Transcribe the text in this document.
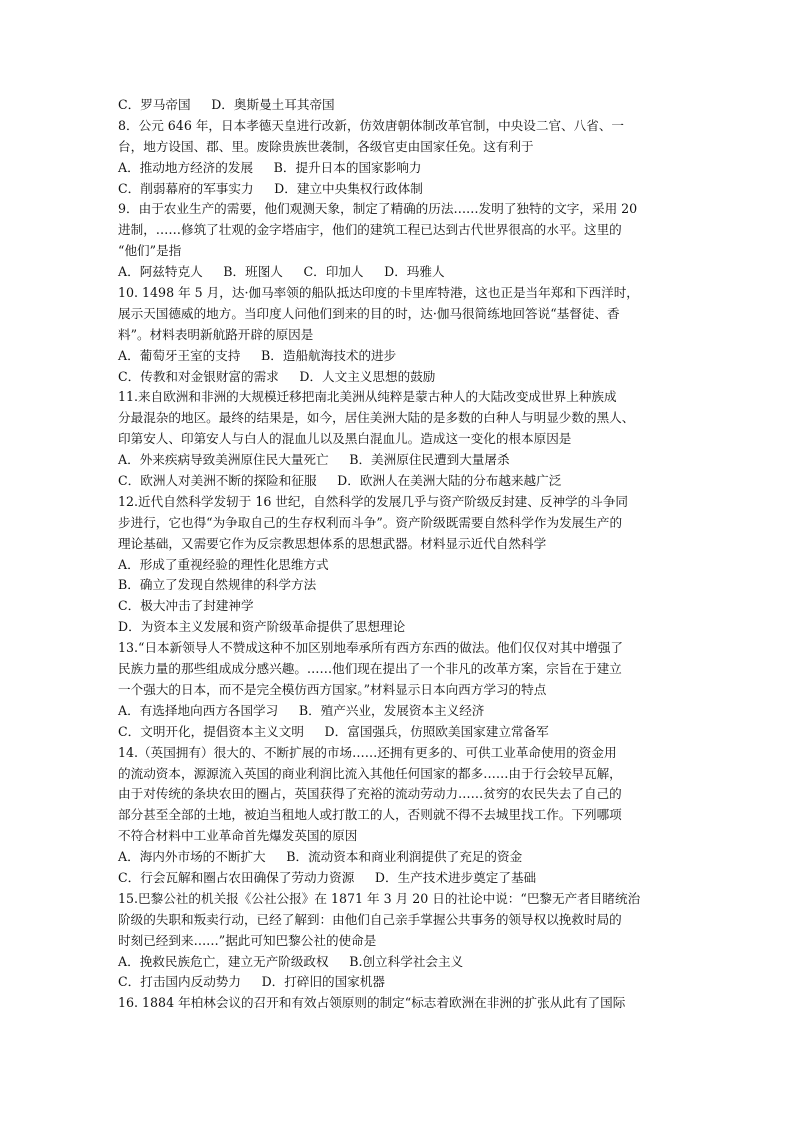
C．罗马帝国 　 D．奥斯曼土耳其帝国
8．公元 646 年，日本孝德天皇进行改新，仿效唐朝体制改革官制，中央设二官、八省、一
台，地方设国、郡、里。废除贵族世袭制，各级官吏由国家任免。这有利于
A．推动地方经济的发展 　 B．提升日本的国家影响力
C．削弱幕府的军事实力 　 D．建立中央集权行政体制
9．由于农业生产的需要，他们观测天象，制定了精确的历法……发明了独特的文字，采用 20
进制，……修筑了壮观的金字塔庙宇，他们的建筑工程已达到古代世界很高的水平。这里的
“他们”是指
A．阿兹特克人 　 B．班图人 　 C．印加人 　 D．玛雅人
10. 1498 年 5 月，达·伽马率领的船队抵达印度的卡里库特港，这也正是当年郑和下西洋时，
展示天国德威的地方。当印度人问他们到来的目的时，达·伽马很简练地回答说“基督徒、香
料”。材料表明新航路开辟的原因是
A．葡萄牙王室的支持 　 B．造船航海技术的进步
C．传教和对金银财富的需求 　 D．人文主义思想的鼓励
11.来自欧洲和非洲的大规模迁移把南北美洲从纯粹是蒙古种人的大陆改变成世界上种族成
分最混杂的地区。最终的结果是，如今，居住美洲大陆的是多数的白种人与明显少数的黑人、
印第安人、印第安人与白人的混血儿以及黑白混血儿。造成这一变化的根本原因是
A．外来疾病导致美洲原住民大量死亡 　 B．美洲原住民遭到大量屠杀
C．欧洲人对美洲不断的探险和征服 　 D．欧洲人在美洲大陆的分布越来越广泛
12.近代自然科学发轫于 16 世纪，自然科学的发展几乎与资产阶级反封建、反神学的斗争同
步进行，它也得“为争取自己的生存权利而斗争”。资产阶级既需要自然科学作为发展生产的
理论基础，又需要它作为反宗教思想体系的思想武器。材料显示近代自然科学
A．形成了重视经验的理性化思维方式
B．确立了发现自然规律的科学方法
C．极大冲击了封建神学
D．为资本主义发展和资产阶级革命提供了思想理论
13.“日本新领导人不赞成这种不加区别地奉承所有西方东西的做法。他们仅仅对其中增强了
民族力量的那些组成成分感兴趣。……他们现在提出了一个非凡的改革方案，宗旨在于建立
一个强大的日本，而不是完全模仿西方国家。”材料显示日本向西方学习的特点
A．有选择地向西方各国学习 　 B．殖产兴业，发展资本主义经济
C．文明开化，提倡资本主义文明 　 D．富国强兵，仿照欧美国家建立常备军
14.（英国拥有）很大的、不断扩展的市场……还拥有更多的、可供工业革命使用的资金用
的流动资本，源源流入英国的商业利润比流入其他任何国家的都多……由于行会较早瓦解，
由于对传统的条块农田的圈占，英国获得了充裕的流动劳动力……贫穷的农民失去了自己的
部分甚至全部的土地，被迫当租地人或打散工的人，否则就不得不去城里找工作。下列哪项
不符合材料中工业革命首先爆发英国的原因
A．海内外市场的不断扩大 　 B．流动资本和商业利润提供了充足的资金
C．行会瓦解和圈占农田确保了劳动力资源 　 D．生产技术进步奠定了基础
15.巴黎公社的机关报《公社公报》在 1871 年 3 月 20 日的社论中说：“巴黎无产者目睹统治
阶级的失职和叛卖行动，已经了解到：由他们自己亲手掌握公共事务的领导权以挽救时局的
时刻已经到来……”据此可知巴黎公社的使命是
A．挽救民族危亡，建立无产阶级政权 　 B.创立科学社会主义
C．打击国内反动势力 　 D．打碎旧的国家机器
16. 1884 年柏林会议的召开和有效占领原则的制定“标志着欧洲在非洲的扩张从此有了国际
